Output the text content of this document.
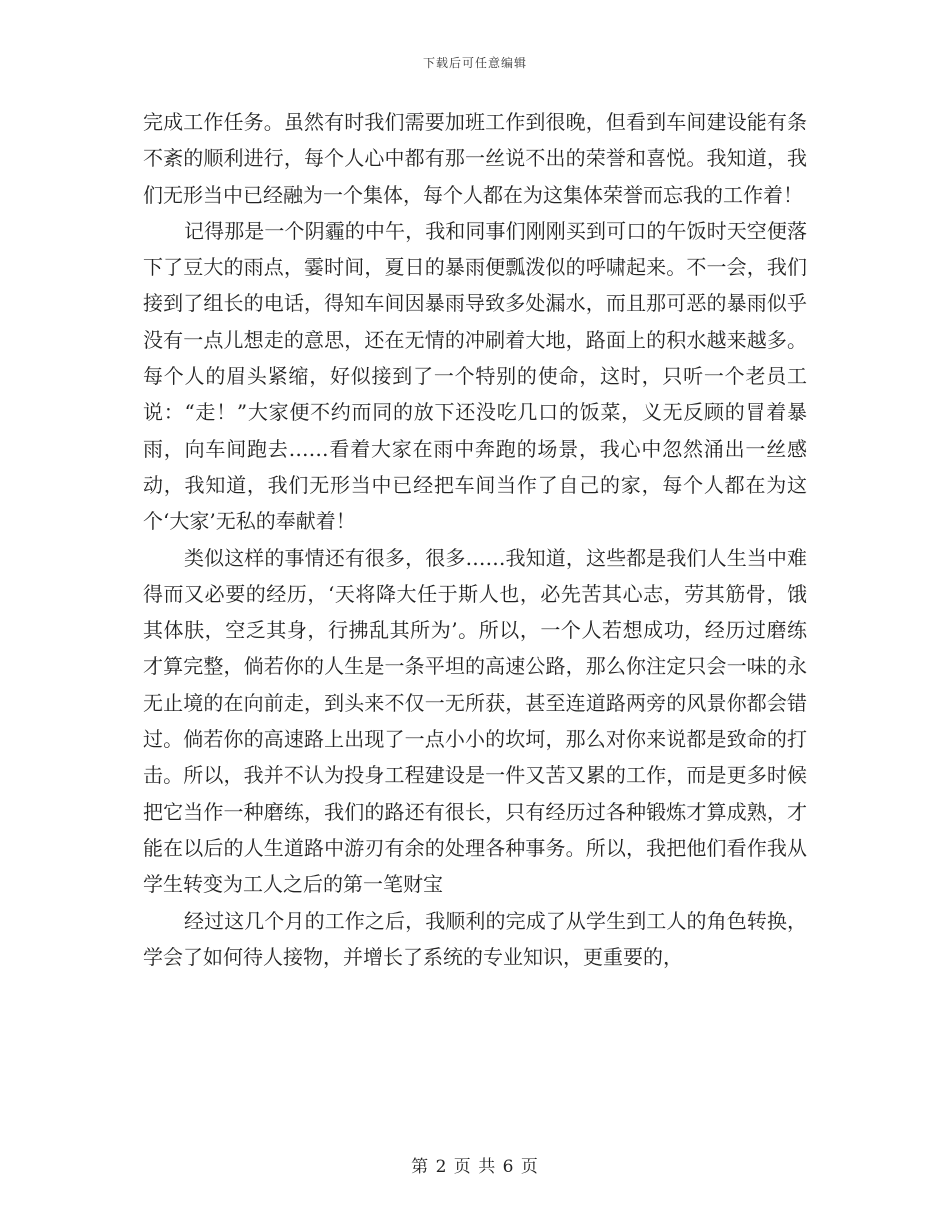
下载后可任意编辑

完成工作任务。虽然有时我们需要加班工作到很晚，但看到车间建设能有条不紊的顺利进行，每个人心中都有那一丝说不出的荣誉和喜悦。我知道，我们无形当中已经融为一个集体，每个人都在为这集体荣誉而忘我的工作着！

记得那是一个阴霾的中午，我和同事们刚刚买到可口的午饭时天空便落下了豆大的雨点，霎时间，夏日的暴雨便瓢泼似的呼啸起来。不一会，我们接到了组长的电话，得知车间因暴雨导致多处漏水，而且那可恶的暴雨似乎没有一点儿想走的意思，还在无情的冲刷着大地，路面上的积水越来越多。每个人的眉头紧缩，好似接到了一个特别的使命，这时，只听一个老员工说：“走！”大家便不约而同的放下还没吃几口的饭菜，义无反顾的冒着暴雨，向车间跑去……看着大家在雨中奔跑的场景，我心中忽然涌出一丝感动，我知道，我们无形当中已经把车间当作了自己的家，每个人都在为这个‘大家’无私的奉献着！

类似这样的事情还有很多，很多……我知道，这些都是我们人生当中难得而又必要的经历，‘天将降大任于斯人也，必先苦其心志，劳其筋骨，饿其体肤，空乏其身，行拂乱其所为’。所以，一个人若想成功，经历过磨练才算完整，倘若你的人生是一条平坦的高速公路，那么你注定只会一味的永无止境的在向前走，到头来不仅一无所获，甚至连道路两旁的风景你都会错过。倘若你的高速路上出现了一点小小的坎坷，那么对你来说都是致命的打击。所以，我并不认为投身工程建设是一件又苦又累的工作，而是更多时候把它当作一种磨练，我们的路还有很长，只有经历过各种锻炼才算成熟，才能在以后的人生道路中游刃有余的处理各种事务。所以，我把他们看作我从学生转变为工人之后的第一笔财宝

经过这几个月的工作之后，我顺利的完成了从学生到工人的角色转换，学会了如何待人接物，并增长了系统的专业知识，更重要的，

第 2 页 共 6 页
